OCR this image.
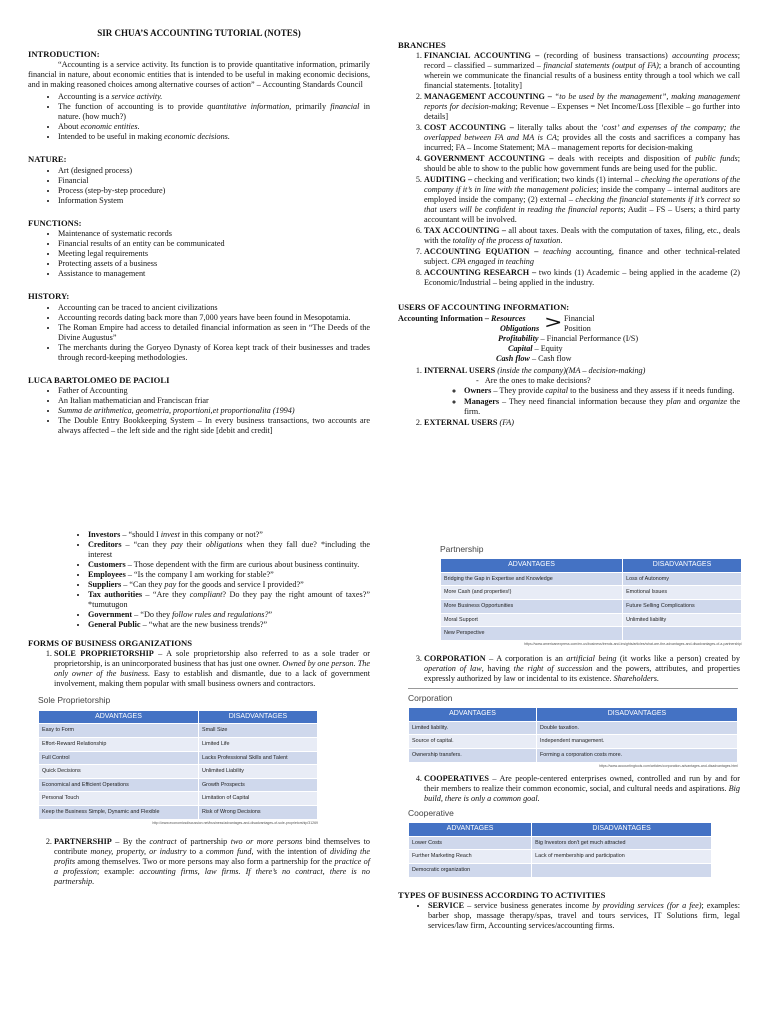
SIR CHUA’S ACCOUNTING TUTORIAL (NOTES)
INTRODUCTION:

“Accounting is a service activity. Its function is to provide quantitative information, primarily financial in nature, about economic entities that is intended to be useful in making economic decisions, and in making reasoned choices among alternative courses of action” – Accounting Standards Council

• Accounting is a service activity.
• The function of accounting is to provide quantitative information, primarily financial in nature. (how much?)
• About economic entities.
• Intended to be useful in making economic decisions.
NATURE:
• Art (designed process)
• Financial
• Process (step-by-step procedure)
• Information System
FUNCTIONS:
• Maintenance of systematic records
• Financial results of an entity can be communicated
• Meeting legal requirements
• Protecting assets of a business
• Assistance to management
HISTORY:
• Accounting can be traced to ancient civilizations
• Accounting records dating back more than 7,000 years have been found in Mesopotamia.
• The Roman Empire had access to detailed financial information as seen in “The Deeds of the Divine Augustus”
• The merchants during the Goryeo Dynasty of Korea kept track of their businesses and trades through record-keeping methodologies.
LUCA BARTOLOMEO DE PACIOLI
• Father of Accounting
• An Italian mathematician and Franciscan friar
• Summa de arithmetica, geometria, proportioni,et proportionalita (1994)
• The Double Entry Bookkeeping System – In every business transactions, two accounts are always affected – the left side and the right side [debit and credit]
BRANCHES
1. FINANCIAL ACCOUNTING – (recording of business transactions) accounting process; record – classified – summarized – financial statements (output of FA); a branch of accounting wherein we communicate the financial results of a business entity through a tool which we call financial statements. [totality]
2. MANAGEMENT ACCOUNTING – “to be used by the management”, making management reports for decision-making; Revenue – Expenses = Net Income/Loss [flexible – go further into details]
3. COST ACCOUNTING – literally talks about the ‘cost’ and expenses of the company; the overlapped between FA and MA is CA; provides all the costs and sacrifices a company has incurred; FA – Income Statement; MA – management reports for decision-making
4. GOVERNMENT ACCOUNTING – deals with receipts and disposition of public funds; should be able to show to the public how government funds are being used for the public.
5. AUDITING – checking and verification; two kinds (1) internal – checking the operations of the company if it’s in line with the management policies; inside the company – internal auditors are employed inside the company; (2) external – checking the financial statements if it’s correct so that users will be confident in reading the financial reports; Audit – FS – Users; a third party accountant will be involved.
6. TAX ACCOUNTING – all about taxes. Deals with the computation of taxes, filing, etc., deals with the totality of the process of taxation.
7. ACCOUNTING EQUATION – teaching accounting, finance and other technical-related subject. CPA engaged in teaching
8. ACCOUNTING RESEARCH – two kinds (1) Academic – being applied in the academe (2) Economic/Industrial – being applied in the industry.
USERS OF ACCOUNTING INFORMATION:
Accounting Information – Resources
Obligations > Financial
Position
Profitability – Financial Performance (I/S)
Capital – Equity
Cash flow – Cash flow
1. INTERNAL USERS (inside the company)(MA – decision-making)
-   Are the ones to make decisions?
◦ Owners – They provide capital to the business and they assess if it needs funding.
◦ Managers – They need financial information because they plan and organize the firm.
2. EXTERNAL USERS (FA)
• Investors – “should I invest in this company or not?”
• Creditors – “can they pay their obligations when they fall due? *including the interest
• Customers – Those dependent with the firm are curious about business continuity.
• Employees – “Is the company I am working for stable?”
• Suppliers – “Can they pay for the goods and service I provided?”
• Tax authorities – “Are they compliant? Do they pay the right amount of taxes?” *tumutugon
• Government – “Do they follow rules and regulations?”
• General Public – “what are the new business trends?”
FORMS OF BUSINESS ORGANIZATIONS
1. SOLE PROPRIETORSHIP – A sole proprietorship also referred to as a sole trader or proprietorship, is an unincorporated business that has just one owner. Owned by one person. The only owner of the business. Easy to establish and dismantle, due to a lack of government involvement, making them popular with small business owners and contractors.
Sole Proprietorship
ADVANTAGES	DISADVANTAGES
Easy to Form	Small Size
Effort-Reward Relationship	Limited Life
Full Control	Lacks Professional Skills and Talent
Quick Decisions	Unlimited Liability
Economical and Efficient Operations	Growth Prospects
Personal Touch	Limitation of Capital
Keep the Business Simple, Dynamic and Flexible	Risk of Wrong Decisions
http://www.economicsdiscussion.net/business/advantages-and-disadvantages-of-sole-proprietorship/31269
2. PARTNERSHIP – By the contract of partnership two or more persons bind themselves to contribute money, property, or industry to a common fund, with the intention of dividing the profits among themselves. Two or more persons may also form a partnership for the practice of a profession; example: accounting firms, law firms. If there’s no contract, there is no partnership.
Partnership
ADVANTAGES	DISADVANTAGES
Bridging the Gap in Expertise and Knowledge	Loss of Autonomy
More Cash (and properties!)	Emotional Issues
More Business Opportunities	Future Selling Complications
Moral Support	Unlimited liability
New Perspective	
https://www.americanexpress.com/en-us/business/trends-and-insights/articles/what-are-the-advantages-and-disadvantages-of-a-partnership/
3. CORPORATION – A corporation is an artificial being (it works like a person) created by operation of law, having the right of succession and the powers, attributes, and properties expressly authorized by law or incidental to its existence. Shareholders.
Corporation
ADVANTAGES	DISADVANTAGES
Limited liability.	Double taxation.
Source of capital.	Independent management.
Ownership transfers.	Forming a corporation costs more.
https://www.accountingtools.com/articles/corporation-advantages-and-disadvantages.html
4. COOPERATIVES – Are people-centered enterprises owned, controlled and run by and for their members to realize their common economic, social, and cultural needs and aspirations. Big build, there is only a common goal.
Cooperative
ADVANTAGES	DISADVANTAGES
Lower Costs	Big Investors don't get much attracted
Further Marketing Reach	Lack of membership and participation
Democratic organization	
TYPES OF BUSINESS ACCORDING TO ACTIVITIES
• SERVICE – service business generates income by providing services (for a fee); examples: barber shop, massage therapy/spas, travel and tours services, IT Solutions firm, legal services/law firm, Accounting services/accounting firms.
